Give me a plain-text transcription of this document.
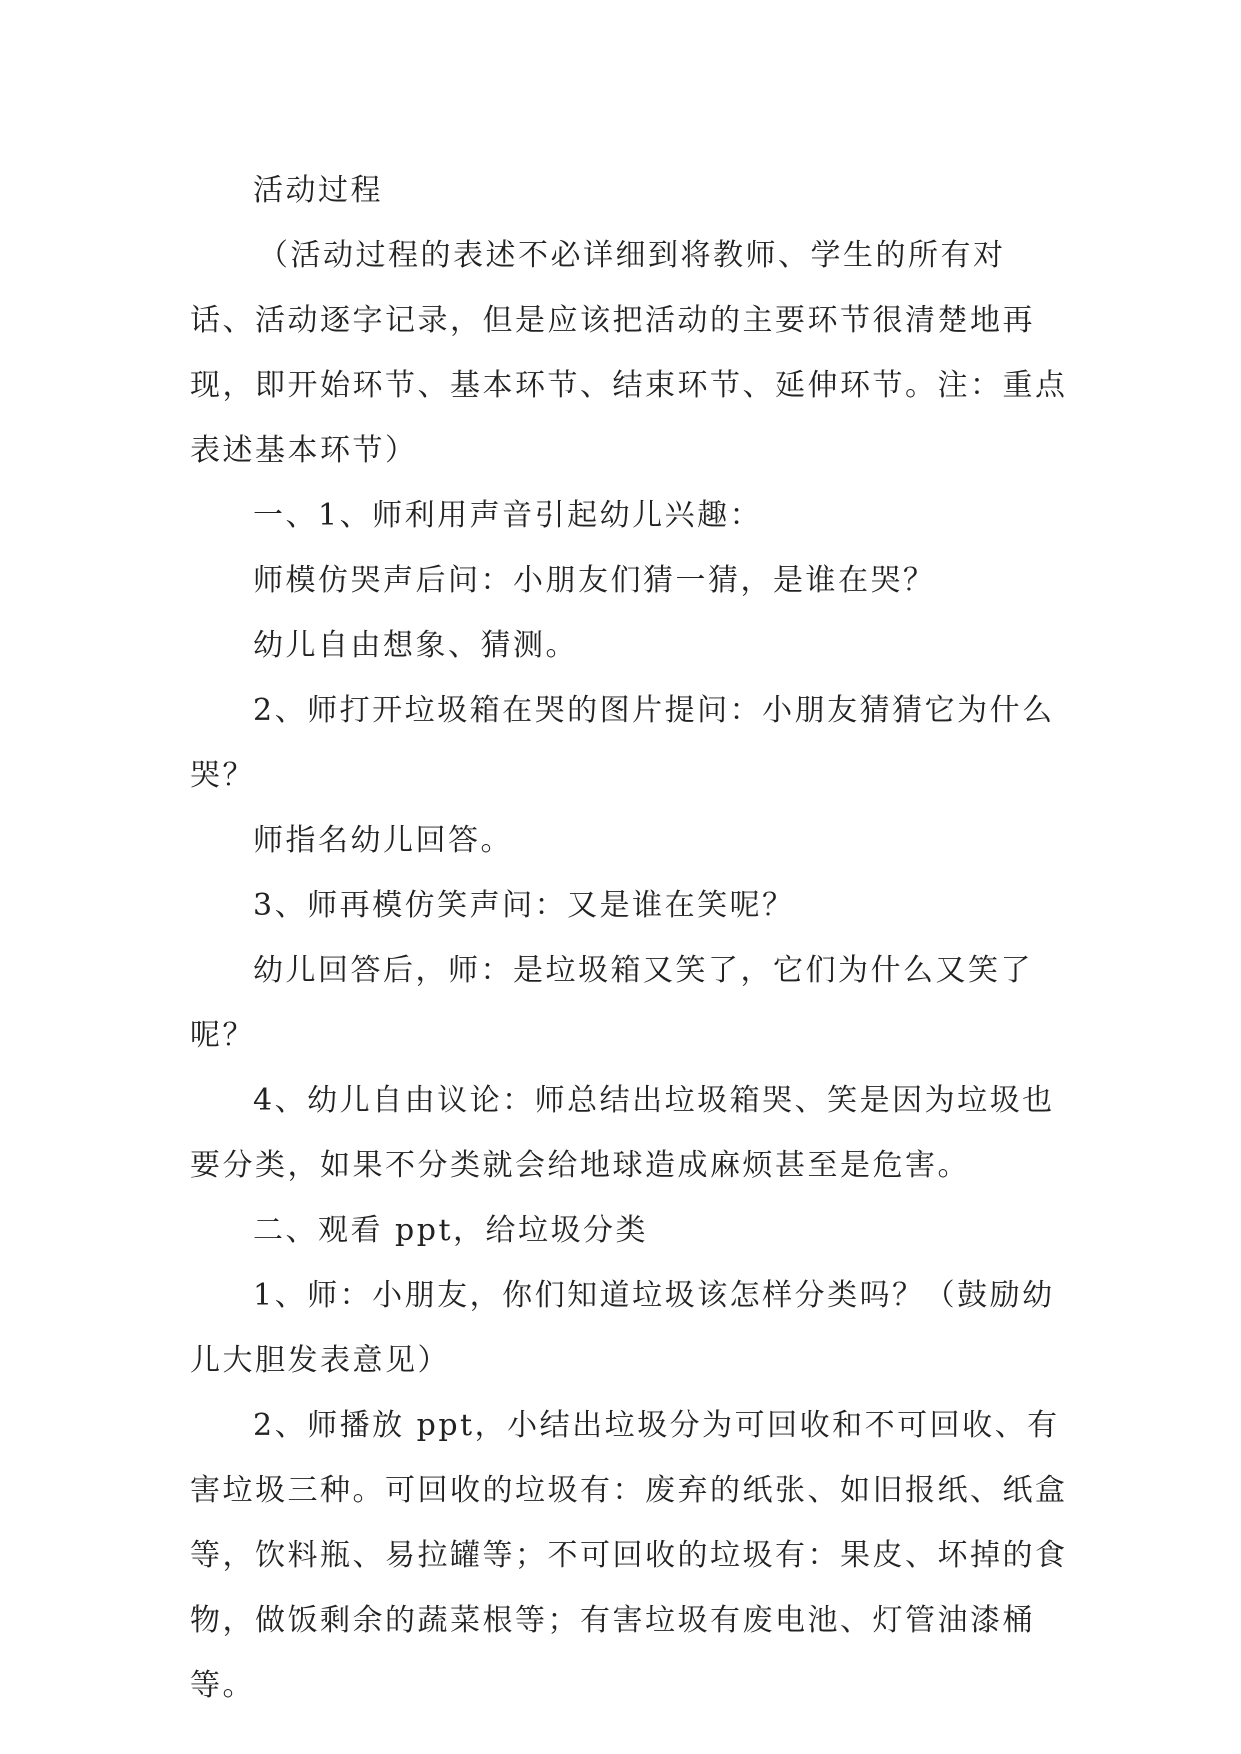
活动过程

（活动过程的表述不必详细到将教师、学生的所有对话、活动逐字记录，但是应该把活动的主要环节很清楚地再现，即开始环节、基本环节、结束环节、延伸环节。注：重点表述基本环节）

一、1、师利用声音引起幼儿兴趣：

师模仿哭声后问：小朋友们猜一猜，是谁在哭？

幼儿自由想象、猜测。

2、师打开垃圾箱在哭的图片提问：小朋友猜猜它为什么哭？

师指名幼儿回答。

3、师再模仿笑声问：又是谁在笑呢？

幼儿回答后，师：是垃圾箱又笑了，它们为什么又笑了呢？

4、幼儿自由议论：师总结出垃圾箱哭、笑是因为垃圾也要分类，如果不分类就会给地球造成麻烦甚至是危害。

二、观看 ppt，给垃圾分类

1、师：小朋友，你们知道垃圾该怎样分类吗？（鼓励幼儿大胆发表意见）

2、师播放 ppt，小结出垃圾分为可回收和不可回收、有害垃圾三种。可回收的垃圾有：废弃的纸张、如旧报纸、纸盒等，饮料瓶、易拉罐等；不可回收的垃圾有：果皮、坏掉的食物，做饭剩余的蔬菜根等；有害垃圾有废电池、灯管油漆桶等。
